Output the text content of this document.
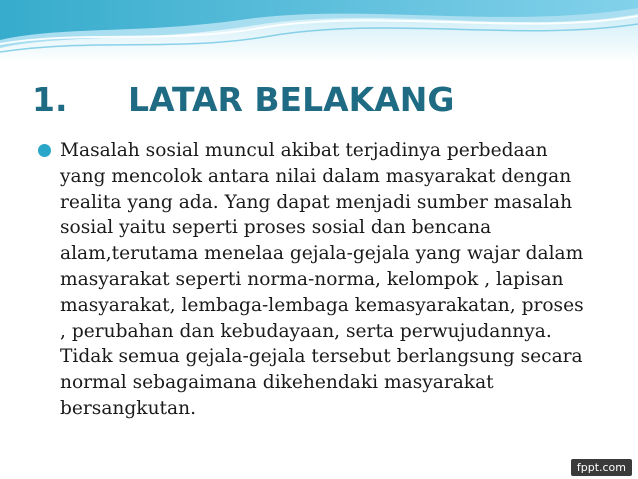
1. LATAR BELAKANG

Masalah sosial muncul akibat terjadinya perbedaan
yang mencolok antara nilai dalam masyarakat dengan
realita yang ada. Yang dapat menjadi sumber masalah
sosial yaitu seperti proses sosial dan bencana
alam,terutama menelaa gejala-gejala yang wajar dalam
masyarakat seperti norma-norma, kelompok , lapisan
masyarakat, lembaga-lembaga kemasyarakatan, proses
, perubahan dan kebudayaan, serta perwujudannya.
Tidak semua gejala-gejala tersebut berlangsung secara
normal sebagaimana dikehendaki masyarakat
bersangkutan.

fppt.com
